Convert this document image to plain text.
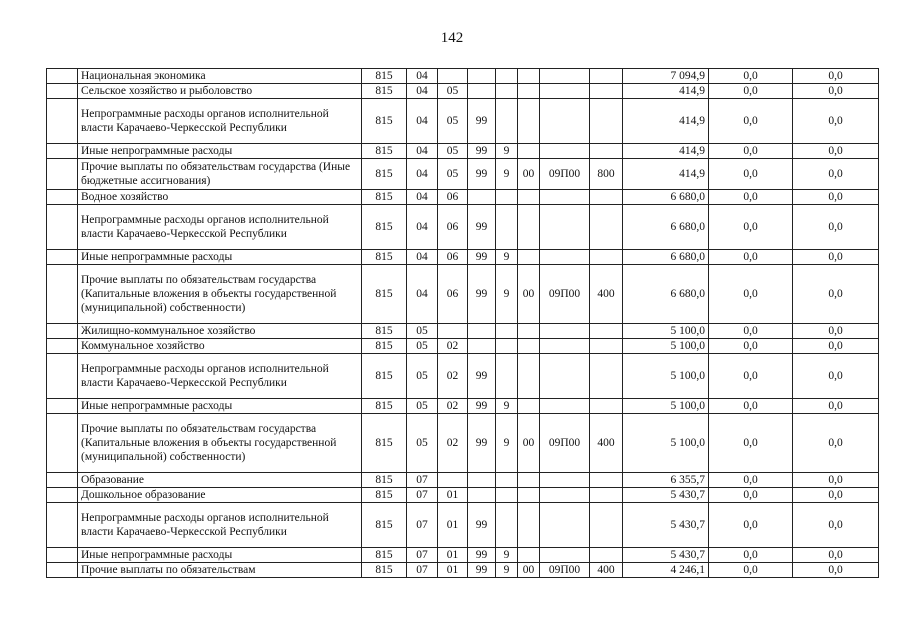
142
	Национальная экономика	815	04							7 094,9	0,0	0,0
	Сельское хозяйство и рыболовство	815	04	05						414,9	0,0	0,0
	Непрограммные расходы органов исполнительной власти Карачаево-Черкесской Республики	815	04	05	99					414,9	0,0	0,0
	Иные непрограммные расходы	815	04	05	99	9				414,9	0,0	0,0
	Прочие выплаты по обязательствам государства (Иные бюджетные ассигнования)	815	04	05	99	9	00	09П00	800	414,9	0,0	0,0
	Водное хозяйство	815	04	06						6 680,0	0,0	0,0
	Непрограммные расходы органов исполнительной власти Карачаево-Черкесской Республики	815	04	06	99					6 680,0	0,0	0,0
	Иные непрограммные расходы	815	04	06	99	9				6 680,0	0,0	0,0
	Прочие выплаты по обязательствам государства (Капитальные вложения в объекты государственной (муниципальной) собственности)	815	04	06	99	9	00	09П00	400	6 680,0	0,0	0,0
	Жилищно-коммунальное хозяйство	815	05							5 100,0	0,0	0,0
	Коммунальное хозяйство	815	05	02						5 100,0	0,0	0,0
	Непрограммные расходы органов исполнительной власти Карачаево-Черкесской Республики	815	05	02	99					5 100,0	0,0	0,0
	Иные непрограммные расходы	815	05	02	99	9				5 100,0	0,0	0,0
	Прочие выплаты по обязательствам государства (Капитальные вложения в объекты государственной (муниципальной) собственности)	815	05	02	99	9	00	09П00	400	5 100,0	0,0	0,0
	Образование	815	07							6 355,7	0,0	0,0
	Дошкольное образование	815	07	01						5 430,7	0,0	0,0
	Непрограммные расходы органов исполнительной власти Карачаево-Черкесской Республики	815	07	01	99					5 430,7	0,0	0,0
	Иные непрограммные расходы	815	07	01	99	9				5 430,7	0,0	0,0
	Прочие выплаты по обязательствам	815	07	01	99	9	00	09П00	400	4 246,1	0,0	0,0
